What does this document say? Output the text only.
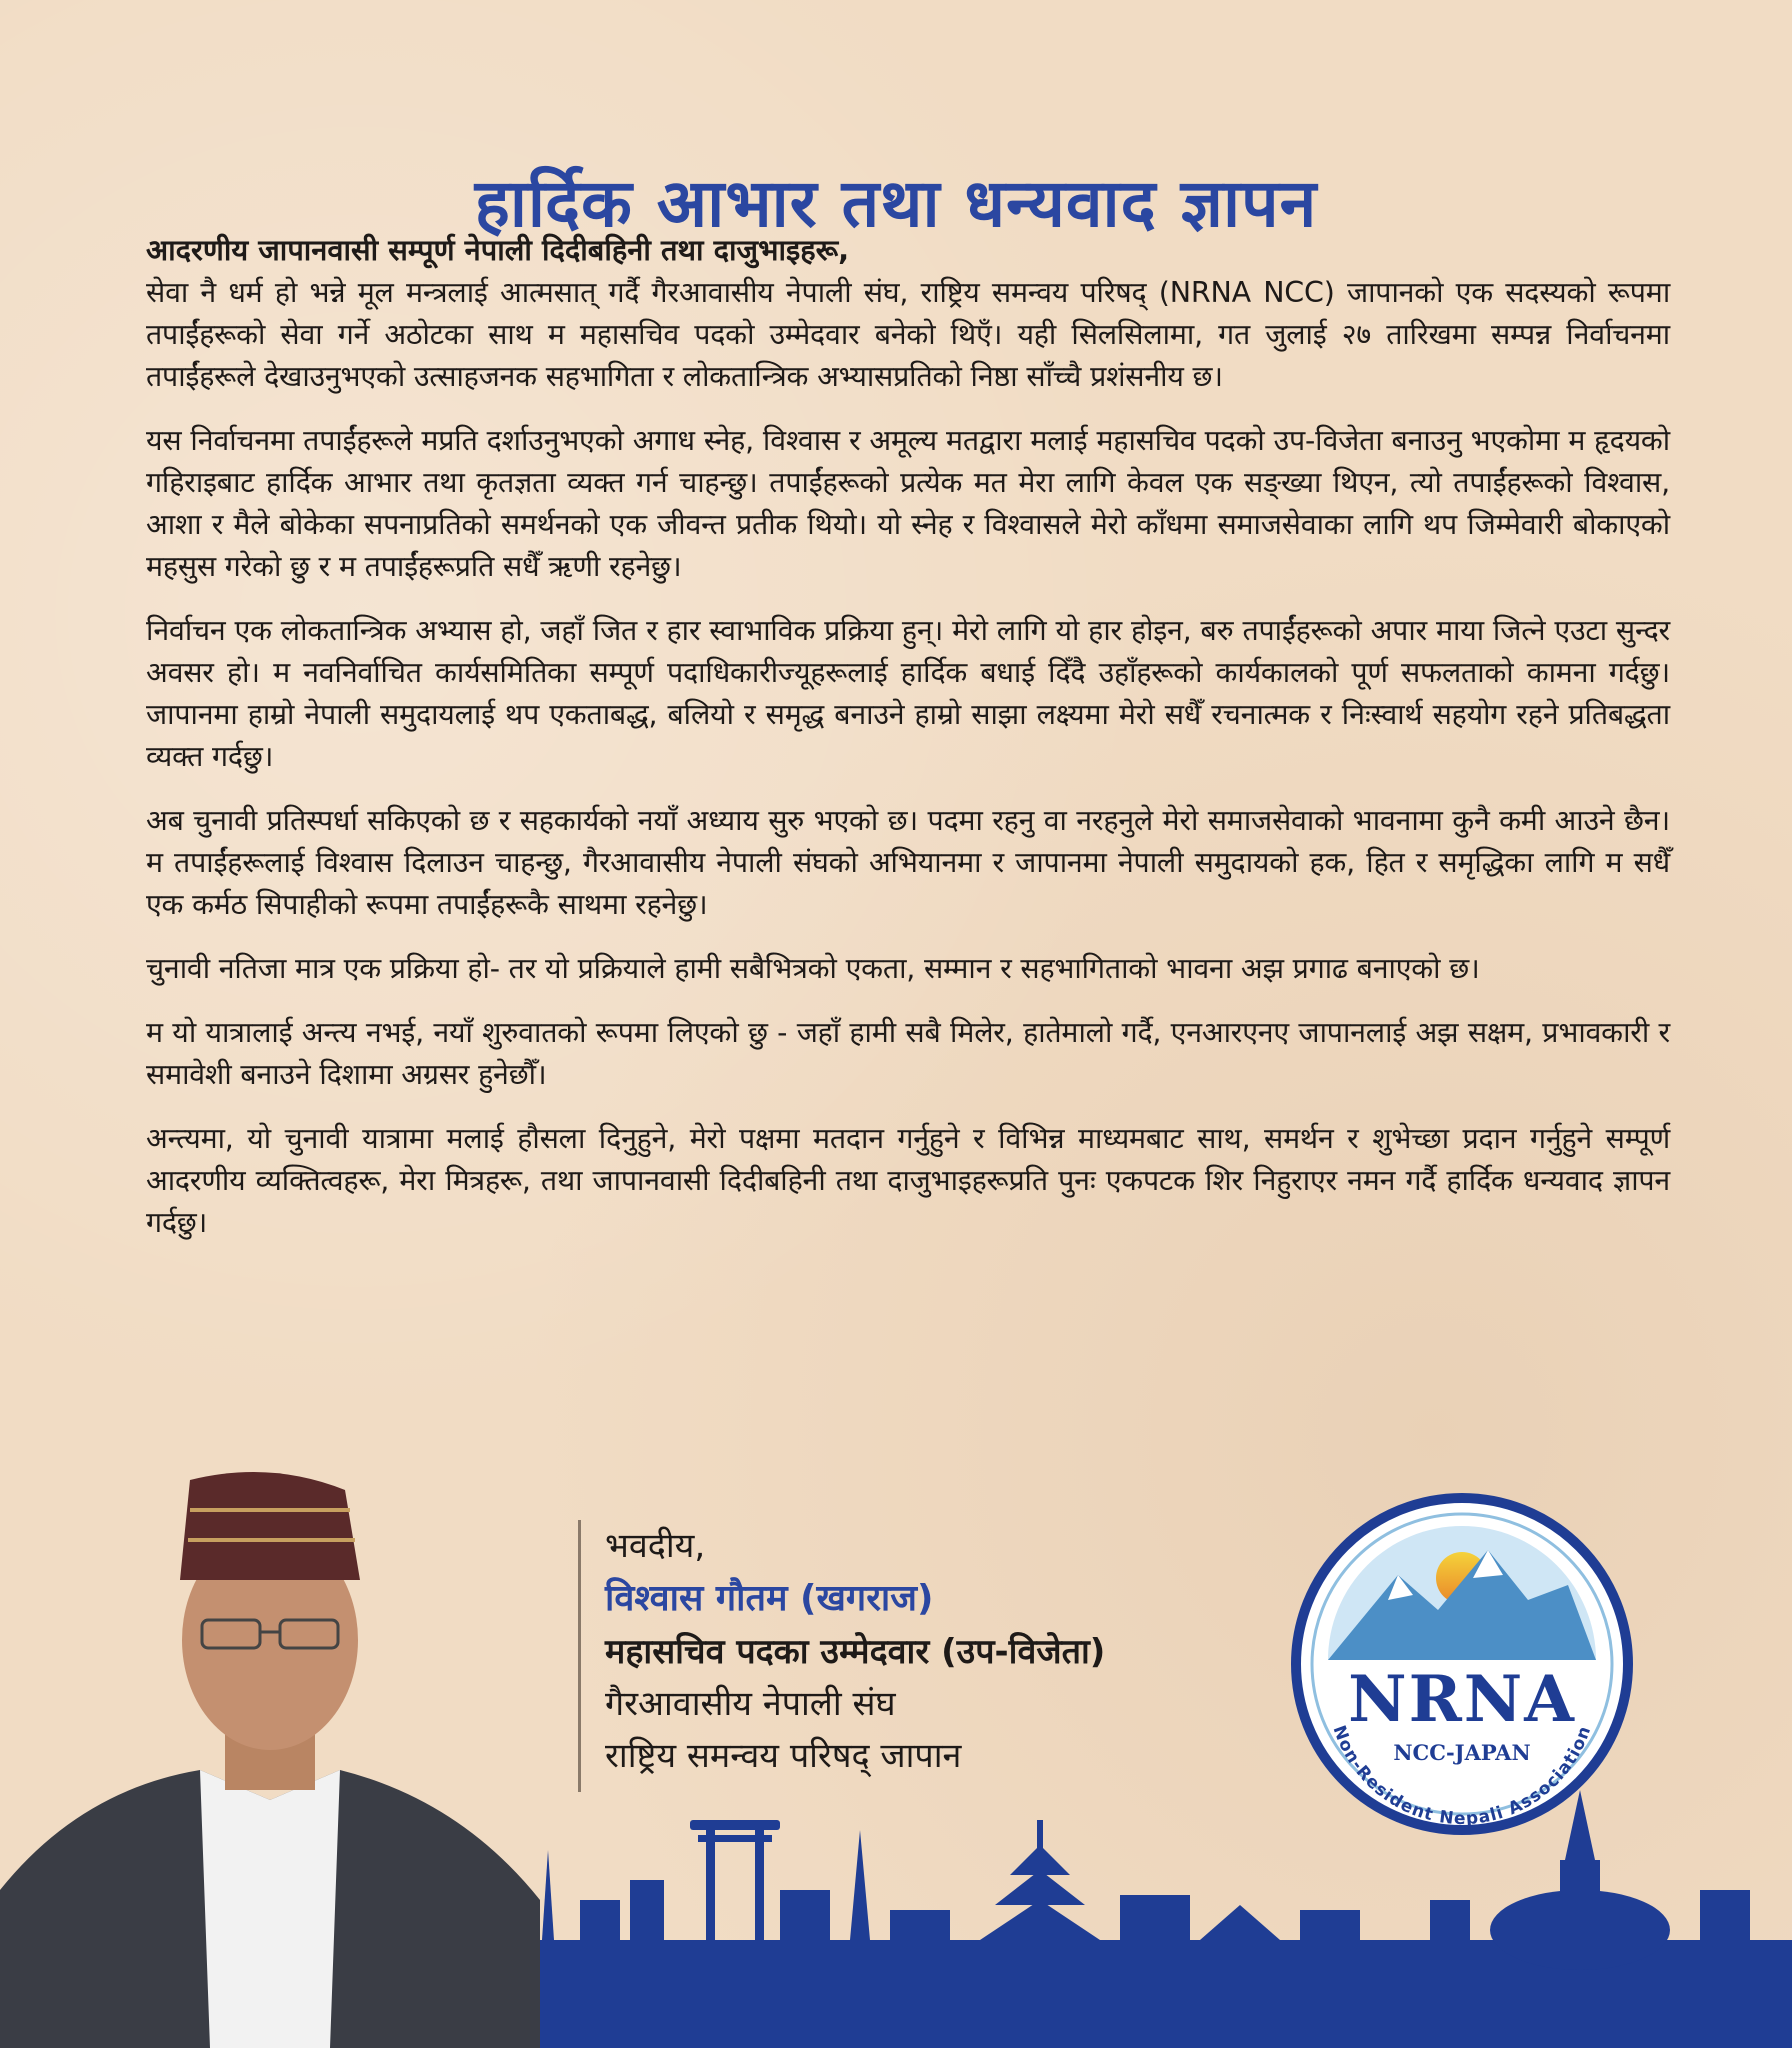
हार्दिक आभार तथा धन्यवाद ज्ञापन

आदरणीय जापानवासी सम्पूर्ण नेपाली दिदीबहिनी तथा दाजुभाइहरू,

सेवा नै धर्म हो भन्ने मूल मन्त्रलाई आत्मसात् गर्दै गैरआवासीय नेपाली संघ, राष्ट्रिय समन्वय परिषद् (NRNA NCC) जापानको एक सदस्यको रूपमा तपाईंहरूको सेवा गर्ने अठोटका साथ म महासचिव पदको उम्मेदवार बनेको थिएँ। यही सिलसिलामा, गत जुलाई २७ तारिखमा सम्पन्न निर्वाचनमा तपाईंहरूले देखाउनुभएको उत्साहजनक सहभागिता र लोकतान्त्रिक अभ्यासप्रतिको निष्ठा साँच्चै प्रशंसनीय छ।

यस निर्वाचनमा तपाईंहरूले मप्रति दर्शाउनुभएको अगाध स्नेह, विश्वास र अमूल्य मतद्वारा मलाई महासचिव पदको उप-विजेता बनाउनु भएकोमा म हृदयको गहिराइबाट हार्दिक आभार तथा कृतज्ञता व्यक्त गर्न चाहन्छु। तपाईंहरूको प्रत्येक मत मेरा लागि केवल एक सङ्ख्या थिएन, त्यो तपाईंहरूको विश्वास, आशा र मैले बोकेका सपनाप्रतिको समर्थनको एक जीवन्त प्रतीक थियो। यो स्नेह र विश्वासले मेरो काँधमा समाजसेवाका लागि थप जिम्मेवारी बोकाएको महसुस गरेको छु र म तपाईंहरूप्रति सधैँ ऋणी रहनेछु।

निर्वाचन एक लोकतान्त्रिक अभ्यास हो, जहाँ जित र हार स्वाभाविक प्रक्रिया हुन्। मेरो लागि यो हार होइन, बरु तपाईंहरूको अपार माया जित्ने एउटा सुन्दर अवसर हो। म नवनिर्वाचित कार्यसमितिका सम्पूर्ण पदाधिकारीज्यूहरूलाई हार्दिक बधाई दिँदै उहाँहरूको कार्यकालको पूर्ण सफलताको कामना गर्दछु। जापानमा हाम्रो नेपाली समुदायलाई थप एकताबद्ध, बलियो र समृद्ध बनाउने हाम्रो साझा लक्ष्यमा मेरो सधैँ रचनात्मक र निःस्वार्थ सहयोग रहने प्रतिबद्धता व्यक्त गर्दछु।

अब चुनावी प्रतिस्पर्धा सकिएको छ र सहकार्यको नयाँ अध्याय सुरु भएको छ। पदमा रहनु वा नरहनुले मेरो समाजसेवाको भावनामा कुनै कमी आउने छैन। म तपाईंहरूलाई विश्वास दिलाउन चाहन्छु, गैरआवासीय नेपाली संघको अभियानमा र जापानमा नेपाली समुदायको हक, हित र समृद्धिका लागि म सधैँ एक कर्मठ सिपाहीको रूपमा तपाईंहरूकै साथमा रहनेछु।

चुनावी नतिजा मात्र एक प्रक्रिया हो- तर यो प्रक्रियाले हामी सबैभित्रको एकता, सम्मान र सहभागिताको भावना अझ प्रगाढ बनाएको छ।

म यो यात्रालाई अन्त्य नभई, नयाँ शुरुवातको रूपमा लिएको छु - जहाँ हामी सबै मिलेर, हातेमालो गर्दै, एनआरएनए जापानलाई अझ सक्षम, प्रभावकारी र समावेशी बनाउने दिशामा अग्रसर हुनेछौँ।

अन्त्यमा, यो चुनावी यात्रामा मलाई हौसला दिनुहुने, मेरो पक्षमा मतदान गर्नुहुने र विभिन्न माध्यमबाट साथ, समर्थन र शुभेच्छा प्रदान गर्नुहुने सम्पूर्ण आदरणीय व्यक्तित्वहरू, मेरा मित्रहरू, तथा जापानवासी दिदीबहिनी तथा दाजुभाइहरूप्रति पुनः एकपटक शिर निहुराएर नमन गर्दै हार्दिक धन्यवाद ज्ञापन गर्दछु।

भवदीय,

विश्वास गौतम (खगराज)

महासचिव पदका उम्मेदवार (उप-विजेता)

गैरआवासीय नेपाली संघ

राष्ट्रिय समन्वय परिषद् जापान

Non-Resident Nepali Association
NRNA
NCC-JAPAN
